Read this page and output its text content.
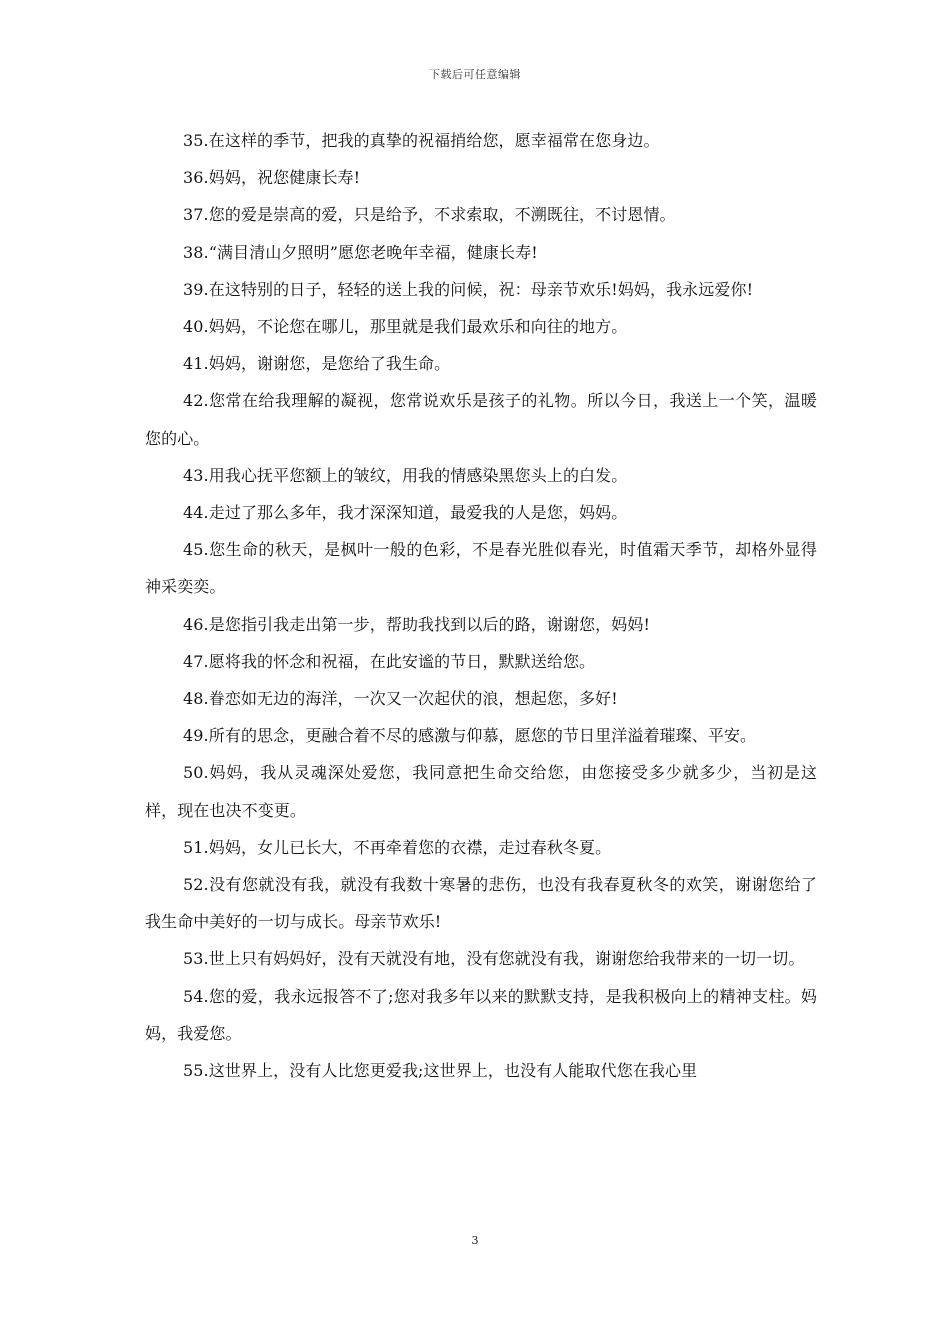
下载后可任意编辑
35.在这样的季节，把我的真挚的祝福捎给您，愿幸福常在您身边。
36.妈妈，祝您健康长寿!
37.您的爱是崇高的爱，只是给予，不求索取，不溯既往，不讨恩情。
38.“满目清山夕照明”愿您老晚年幸福，健康长寿!
39.在这特别的日子，轻轻的送上我的问候，祝：母亲节欢乐!妈妈，我永远爱你!
40.妈妈，不论您在哪儿，那里就是我们最欢乐和向往的地方。
41.妈妈，谢谢您，是您给了我生命。
42.您常在给我理解的凝视，您常说欢乐是孩子的礼物。所以今日，我送上一个笑，温暖您的心。
43.用我心抚平您额上的皱纹，用我的情感染黑您头上的白发。
44.走过了那么多年，我才深深知道，最爱我的人是您，妈妈。
45.您生命的秋天，是枫叶一般的色彩，不是春光胜似春光，时值霜天季节，却格外显得神采奕奕。
46.是您指引我走出第一步，帮助我找到以后的路，谢谢您，妈妈!
47.愿将我的怀念和祝福，在此安谧的节日，默默送给您。
48.眷恋如无边的海洋，一次又一次起伏的浪，想起您，多好!
49.所有的思念，更融合着不尽的感激与仰慕，愿您的节日里洋溢着璀璨、平安。
50.妈妈，我从灵魂深处爱您，我同意把生命交给您，由您接受多少就多少，当初是这样，现在也决不变更。
51.妈妈，女儿已长大，不再牵着您的衣襟，走过春秋冬夏。
52.没有您就没有我，就没有我数十寒暑的悲伤，也没有我春夏秋冬的欢笑，谢谢您给了我生命中美好的一切与成长。母亲节欢乐!
53.世上只有妈妈好，没有天就没有地，没有您就没有我，谢谢您给我带来的一切一切。
54.您的爱，我永远报答不了;您对我多年以来的默默支持，是我积极向上的精神支柱。妈妈，我爱您。
55.这世界上，没有人比您更爱我;这世界上，也没有人能取代您在我心里
3
